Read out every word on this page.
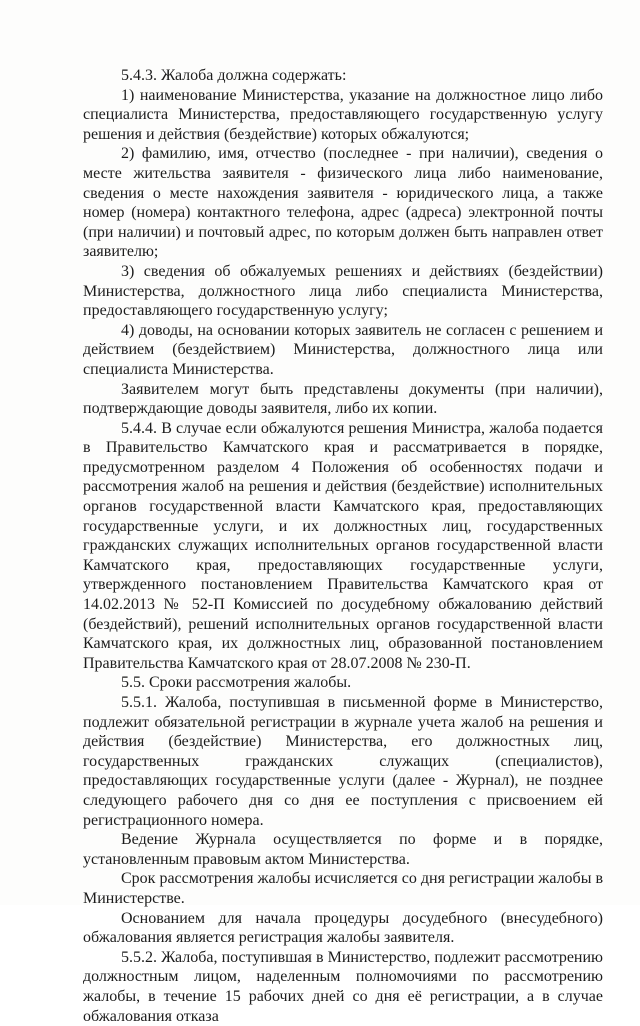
5.4.3. Жалоба должна содержать:

1) наименование Министерства, указание на должностное лицо либо специалиста Министерства, предоставляющего государственную услугу решения и действия (бездействие) которых обжалуются;

2) фамилию, имя, отчество (последнее - при наличии), сведения о месте жительства заявителя - физического лица либо наименование, сведения о месте нахождения заявителя - юридического лица, а также номер (номера) контактного телефона, адрес (адреса) электронной почты (при наличии) и почтовый адрес, по которым должен быть направлен ответ заявителю;

3) сведения об обжалуемых решениях и действиях (бездействии) Министерства, должностного лица либо специалиста Министерства, предоставляющего государственную услугу;

4) доводы, на основании которых заявитель не согласен с решением и действием (бездействием) Министерства, должностного лица или специалиста Министерства.

Заявителем могут быть представлены документы (при наличии), подтверждающие доводы заявителя, либо их копии.

5.4.4. В случае если обжалуются решения Министра, жалоба подается в Правительство Камчатского края и рассматривается в порядке, предусмотренном разделом 4 Положения об особенностях подачи и рассмотрения жалоб на решения и действия (бездействие) исполнительных органов государственной власти Камчатского края, предоставляющих государственные услуги, и их должностных лиц, государственных гражданских служащих исполнительных органов государственной власти Камчатского края, предоставляющих государственные услуги, утвержденного постановлением Правительства Камчатского края от 14.02.2013 № 52-П Комиссией по досудебному обжалованию действий (бездействий), решений исполнительных органов государственной власти Камчатского края, их должностных лиц, образованной постановлением Правительства Камчатского края от 28.07.2008 № 230-П.

5.5. Сроки рассмотрения жалобы.

5.5.1. Жалоба, поступившая в письменной форме в Министерство, подлежит обязательной регистрации в журнале учета жалоб на решения и действия (бездействие) Министерства, его должностных лиц, государственных гражданских служащих (специалистов), предоставляющих государственные услуги (далее - Журнал), не позднее следующего рабочего дня со дня ее поступления с присвоением ей регистрационного номера.

Ведение Журнала осуществляется по форме и в порядке, установленным правовым актом Министерства.

Срок рассмотрения жалобы исчисляется со дня регистрации жалобы в Министерстве.

Основанием для начала процедуры досудебного (внесудебного) обжалования является регистрация жалобы заявителя.

5.5.2. Жалоба, поступившая в Министерство, подлежит рассмотрению должностным лицом, наделенным полномочиями по рассмотрению жалобы, в течение 15 рабочих дней со дня её регистрации, а в случае обжалования отказа
